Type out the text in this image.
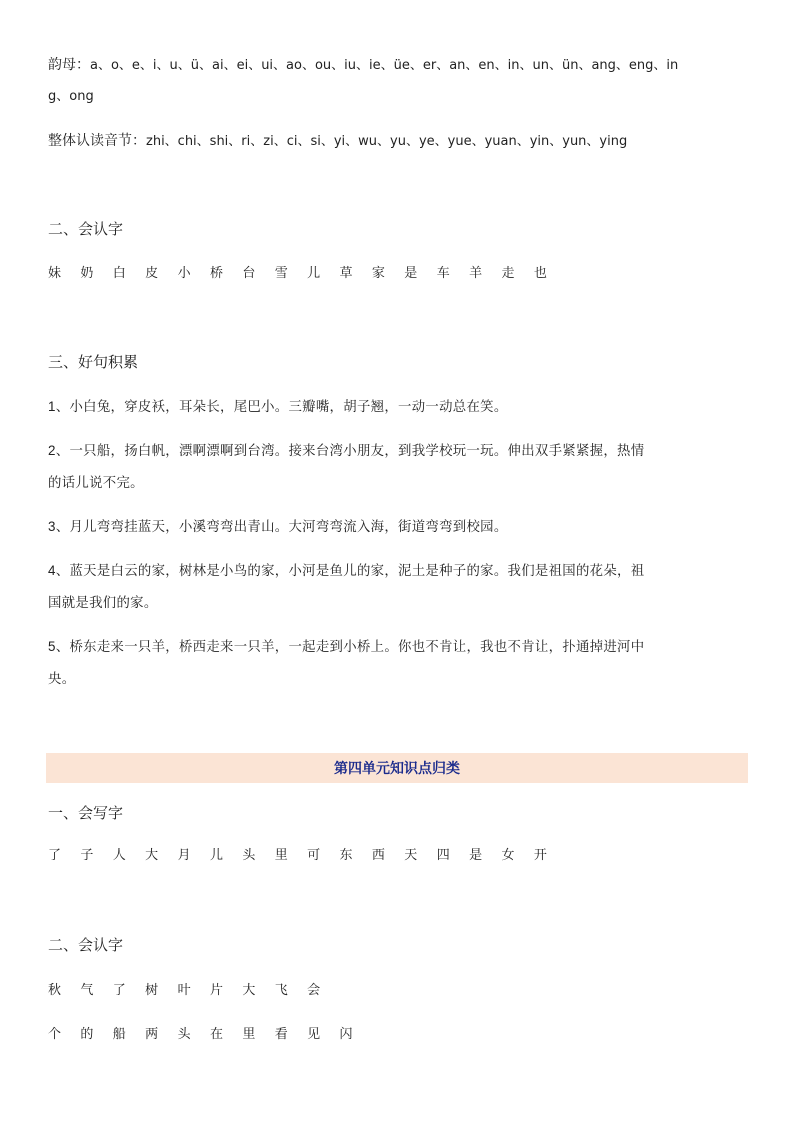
韵母：a、o、e、i、u、ü、ai、ei、ui、ao、ou、iu、ie、üe、er、an、en、in、un、ün、ang、eng、in
g、ong
整体认读音节：zhi、chi、shi、ri、zi、ci、si、yi、wu、yu、ye、yue、yuan、yin、yun、ying
二、会认字
妹 奶 白 皮 小 桥 台 雪 儿 草 家 是 车 羊 走 也
三、好句积累
1、小白兔，穿皮袄，耳朵长，尾巴小。三瓣嘴，胡子翘，一动一动总在笑。
2、一只船，扬白帆，漂啊漂啊到台湾。接来台湾小朋友，到我学校玩一玩。伸出双手紧紧握，热情
的话儿说不完。
3、月儿弯弯挂蓝天，小溪弯弯出青山。大河弯弯流入海，街道弯弯到校园。
4、蓝天是白云的家，树林是小鸟的家，小河是鱼儿的家，泥土是种子的家。我们是祖国的花朵，祖
国就是我们的家。
5、桥东走来一只羊，桥西走来一只羊，一起走到小桥上。你也不肯让，我也不肯让，扑通掉进河中
央。
第四单元知识点归类
一、会写字
了 子 人 大 月 儿 头 里 可 东 西 天 四 是 女 开
二、会认字
秋 气 了 树 叶 片 大 飞 会
个 的 船 两 头 在 里 看 见 闪
